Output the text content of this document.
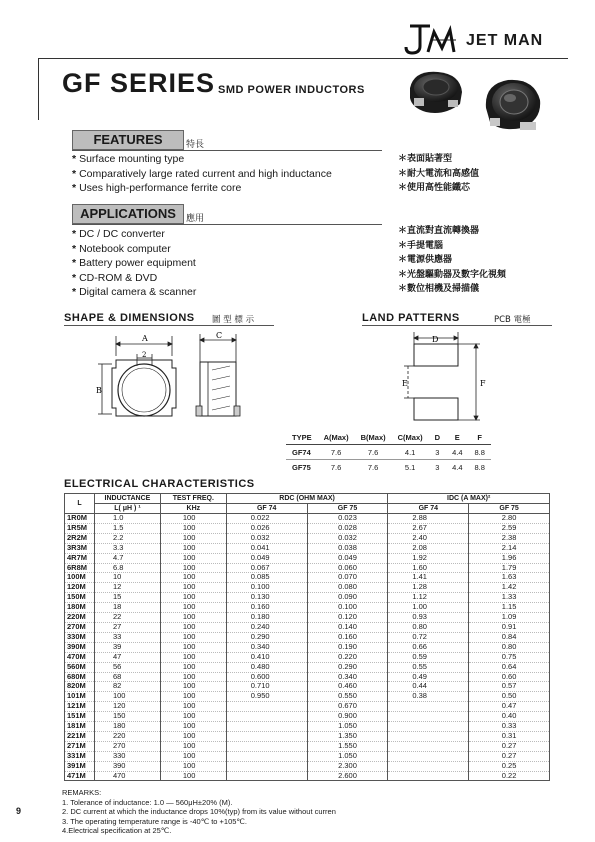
JET MAN
GF SERIES SMD POWER INDUCTORS
FEATURES	特長
* Surface mounting type
* Comparatively large rated current and high inductance
* Uses high-performance ferrite core
＊表面貼著型
＊耐大電流和高感值
＊使用高性能鐵芯
APPLICATIONS	應用
* DC / DC converter
* Notebook computer
* Battery power equipment
* CD-ROM & DVD
* Digital camera & scanner
＊直流對直流轉換器
＊手提電腦
＊電源供應器
＊光盤驅動器及數字化視頻
＊數位相機及掃描儀
SHAPE & DIMENSIONS 圖 型 標 示
A
2
B
C
LAND PATTERNS	PCB 電極
D
E	F
TYPE	A(Max)	B(Max)	C(Max)	D	E	F
GF74	7.6	7.6	4.1	3	4.4	8.8
GF75	7.6	7.6	5.1	3	4.4	8.8
ELECTRICAL CHARACTERISTICS
L	INDUCTANCE	TEST FREQ.	RDC (OHM MAX)		IDC (A MAX)²	
	L( μH ) ¹	KHz	GF 74	GF 75	GF 74	GF 75
1R0M	1.0	100	0.022	0.023	2.88	2.80
1R5M	1.5	100	0.026	0.028	2.67	2.59
2R2M	2.2	100	0.032	0.032	2.40	2.38
3R3M	3.3	100	0.041	0.038	2.08	2.14
4R7M	4.7	100	0.049	0.049	1.92	1.96
6R8M	6.8	100	0.067	0.060	1.60	1.79
100M	10	100	0.085	0.070	1.41	1.63
120M	12	100	0.100	0.080	1.28	1.42
150M	15	100	0.130	0.090	1.12	1.33
180M	18	100	0.160	0.100	1.00	1.15
220M	22	100	0.180	0.120	0.93	1.09
270M	27	100	0.240	0.140	0.80	0.91
330M	33	100	0.290	0.160	0.72	0.84
390M	39	100	0.340	0.190	0.66	0.80
470M	47	100	0.410	0.220	0.59	0.75
560M	56	100	0.480	0.290	0.55	0.64
680M	68	100	0.600	0.340	0.49	0.60
820M	82	100	0.710	0.460	0.44	0.57
101M	100	100	0.950	0.550	0.38	0.50
121M	120	100		0.670		0.47
151M	150	100		0.900		0.40
181M	180	100		1.050		0.33
221M	220	100		1.350		0.31
271M	270	100		1.550		0.27
331M	330	100		1.050		0.27
391M	390	100		2.300		0.25
471M	470	100		2.600		0.22
REMARKS:
1. Tolerance of inductance: 1.0 — 560μH±20% (M).
2. DC current at which the inductance drops 10%(typ) from its value without curren
3. The operating temperature range is -40℃ to +105℃.
4.Electrical specification at 25℃.
9
